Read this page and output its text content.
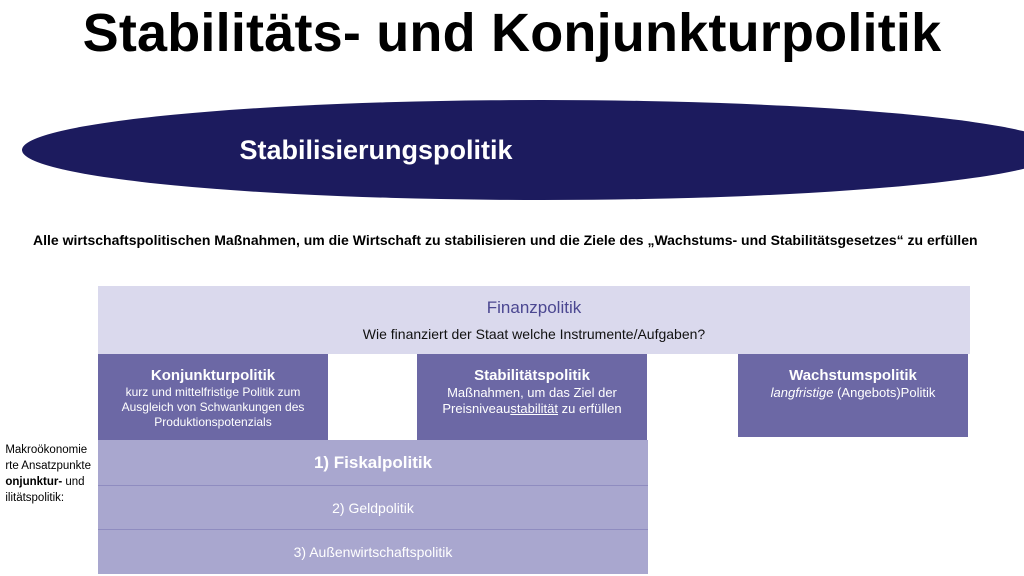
Stabilitäts- und Konjunkturpolitik
Stabilisierungspolitik
Alle wirtschaftspolitischen Maßnahmen, um die Wirtschaft zu stabilisieren und die Ziele des „Wachstums- und Stabilitätsgesetzes“ zu erfüllen
Finanzpolitik
Wie finanziert der Staat welche Instrumente/Aufgaben?
Konjunkturpolitik
kurz und mittelfristige Politik zum
Ausgleich von Schwankungen des
Produktionspotenzials
Stabilitätspolitik
Maßnahmen, um das Ziel der
Preisniveaustabilität zu erfüllen
Wachstumspolitik
langfristige (Angebots)Politik
1) Fiskalpolitik
2) Geldpolitik
3) Außenwirtschaftspolitik
Makroökonomie
rte Ansatzpunkte
onjunktur- und
ilitätspolitik:
